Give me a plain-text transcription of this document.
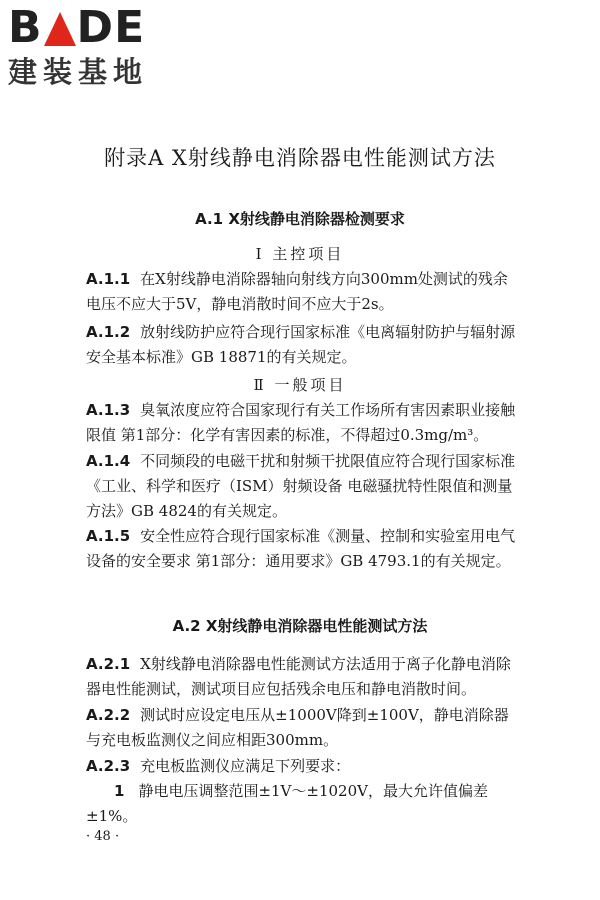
B DE
建装基地
附录A X射线静电消除器电性能测试方法
A.1 X射线静电消除器检测要求
Ⅰ 主控项目
A.1.1 在X射线静电消除器轴向射线方向300mm处测试的残余电压不应大于5V，静电消散时间不应大于2s。
A.1.2 放射线防护应符合现行国家标准《电离辐射防护与辐射源安全基本标准》GB 18871的有关规定。
Ⅱ 一般项目
A.1.3 臭氧浓度应符合国家现行有关工作场所有害因素职业接触限值 第1部分：化学有害因素的标准，不得超过0.3mg/m³。
A.1.4 不同频段的电磁干扰和射频干扰限值应符合现行国家标准《工业、科学和医疗（ISM）射频设备 电磁骚扰特性限值和测量方法》GB 4824的有关规定。
A.1.5 安全性应符合现行国家标准《测量、控制和实验室用电气设备的安全要求 第1部分：通用要求》GB 4793.1的有关规定。
A.2 X射线静电消除器电性能测试方法
A.2.1 X射线静电消除器电性能测试方法适用于离子化静电消除器电性能测试，测试项目应包括残余电压和静电消散时间。
A.2.2 测试时应设定电压从±1000V降到±100V，静电消除器与充电板监测仪之间应相距300mm。
A.2.3 充电板监测仪应满足下列要求：
1 静电电压调整范围±1V～±1020V，最大允许值偏差±1%。
· 48 ·
